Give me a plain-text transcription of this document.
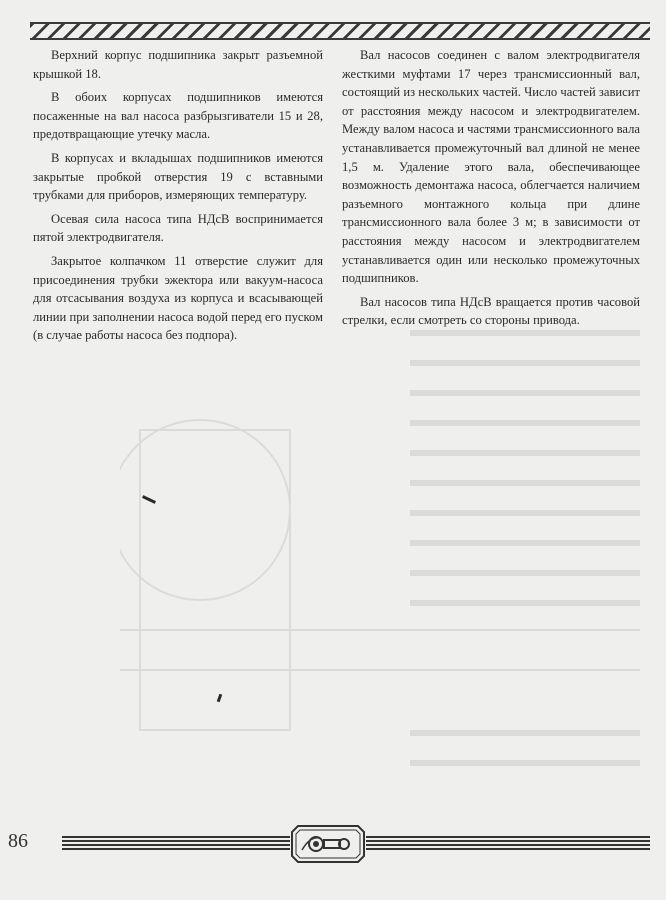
Верхний корпус подшипника закрыт разъемной крышкой 18.

В обоих корпусах подшипников имеются посаженные на вал насоса разбрызгиватели 15 и 28, предотвращающие утечку масла.

В корпусах и вкладышах подшипников имеются закрытые пробкой отверстия 19 с вставными трубками для приборов, измеряющих температуру.

Осевая сила насоса типа НДсВ воспринимается пятой электродвигателя.

Закрытое колпачком 11 отверстие служит для присоединения трубки эжектора или вакуум-насоса для отсасывания воздуха из корпуса и всасывающей линии при заполнении насоса водой перед его пуском (в случае работы насоса без подпора).

Вал насосов соединен с валом электродвигателя жесткими муфтами 17 через трансмиссионный вал, состоящий из нескольких частей. Число частей зависит от расстояния между насосом и электродвигателем. Между валом насоса и частями трансмиссионного вала устанавливается промежуточный вал длиной не менее 1,5 м. Удаление этого вала, обеспечивающее возможность демонтажа насоса, облегчается наличием разъемного монтажного кольца при длине трансмиссионного вала более 3 м; в зависимости от расстояния между насосом и электродвигателем устанавливается один или несколько промежуточных подшипников.

Вал насосов типа НДсВ вращается против часовой стрелки, если смотреть со стороны привода.

86
